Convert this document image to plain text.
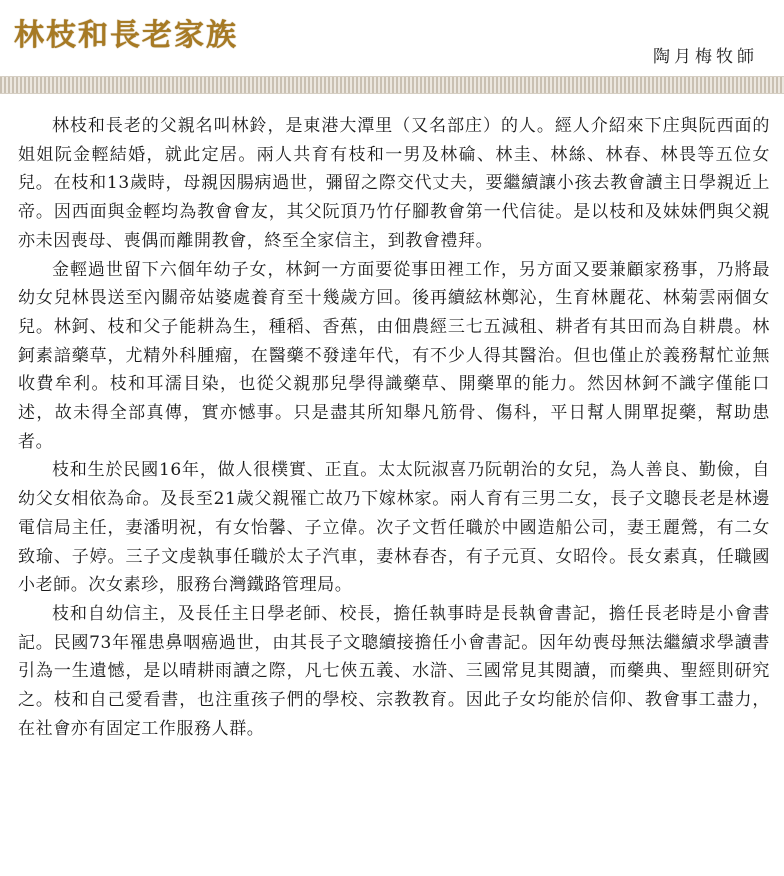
林枝和長老家族
陶月梅牧師

林枝和長老的父親名叫林鈴，是東港大潭里（又名部庄）的人。經人介紹來下庄與阮西面的姐姐阮金輕結婚，就此定居。兩人共育有枝和一男及林碖、林圭、林絲、林春、林畏等五位女兒。在枝和13歲時，母親因腸病過世，彌留之際交代丈夫，要繼續讓小孩去教會讀主日學親近上帝。因西面與金輕均為教會會友，其父阮頂乃竹仔腳教會第一代信徒。是以枝和及妹妹們與父親亦未因喪母、喪偶而離開教會，終至全家信主，到教會禮拜。

金輕過世留下六個年幼子女，林鈳一方面要從事田裡工作，另方面又要兼顧家務事，乃將最幼女兒林畏送至內關帝姑婆處養育至十幾歲方回。後再續絃林鄭沁，生育林麗花、林菊雲兩個女兒。林鈳、枝和父子能耕為生，種稻、香蕉，由佃農經三七五減租、耕者有其田而為自耕農。林鈳素諳藥草，尤精外科腫瘤，在醫藥不發達年代，有不少人得其醫治。但也僅止於義務幫忙並無收費牟利。枝和耳濡目染，也從父親那兒學得識藥草、開藥單的能力。然因林鈳不識字僅能口述，故未得全部真傳，實亦憾事。只是盡其所知舉凡筋骨、傷科，平日幫人開單捉藥，幫助患者。

枝和生於民國16年，做人很樸實、正直。太太阮淑喜乃阮朝治的女兒，為人善良、勤儉，自幼父女相依為命。及長至21歲父親罹亡故乃下嫁林家。兩人育有三男二女，長子文聰長老是林邊電信局主任，妻潘明祝，有女怡馨、子立偉。次子文哲任職於中國造船公司，妻王麗鶯，有二女致瑜、子婷。三子文虔執事任職於太子汽車，妻林春杏，有子元頁、女昭伶。長女素真，任職國小老師。次女素珍，服務台灣鐵路管理局。

枝和自幼信主，及長任主日學老師、校長，擔任執事時是長執會書記，擔任長老時是小會書記。民國73年罹患鼻咽癌過世，由其長子文聰續接擔任小會書記。因年幼喪母無法繼續求學讀書引為一生遺憾，是以晴耕雨讀之際，凡七俠五義、水滸、三國常見其閱讀，而藥典、聖經則研究之。枝和自己愛看書，也注重孩子們的學校、宗教教育。因此子女均能於信仰、教會事工盡力，在社會亦有固定工作服務人群。
